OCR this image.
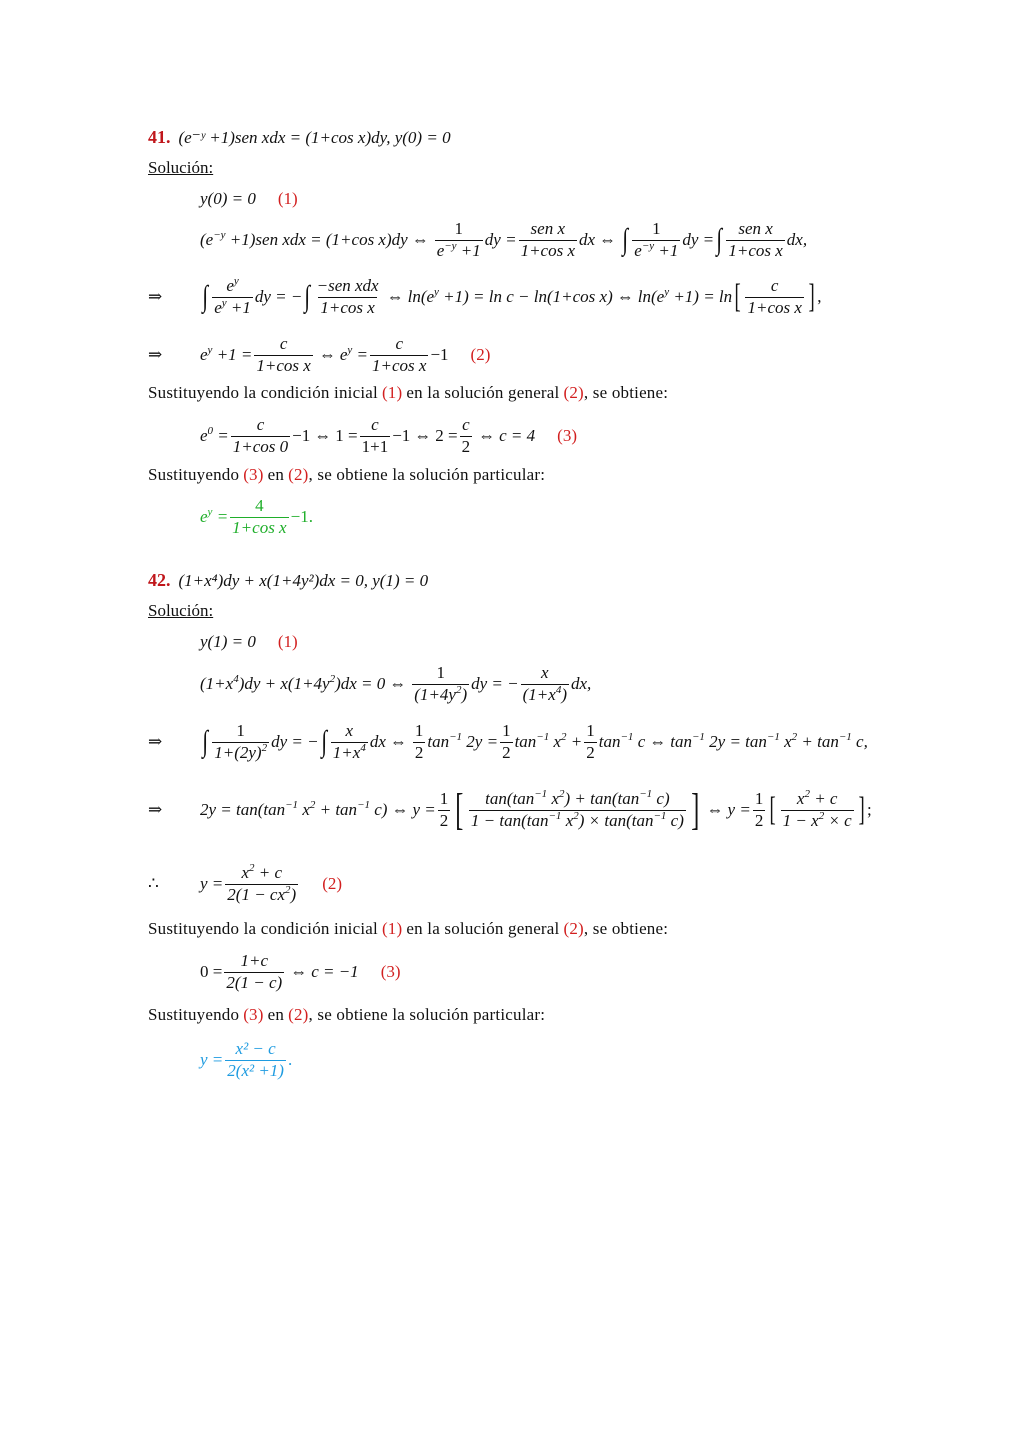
41. (e⁻ʸ +1)sen xdx = (1+cos x)dy, y(0) = 0
Solución:
y(0) = 0 (1)
$(e^{-y} +1)sen$ xdx = (1+cos x)dy ⇔ $\frac{1}{e^{-y} +1}$ dy = $\frac{\text{sen x}}{\text{1+cos x}}$ dx ⇔ ∫ $\frac{1}{e^{-y} +1}$ dy = ∫ $\frac{\text{sen x}}{\text{1+cos x}}$ dx,
⇒	∫ $\frac{e^y}{e^y +1}$ dy = − ∫ $\frac{\text{−sen xdx}}{\text{1+cos x}}$ ⇔ $\ln(e^y +1) = \ln c - \ln(1+\cos$ x) ⇔ $\ln(e^y +1) = \ln$ [ $\frac{c}{\text{1+cos x}}$ ] ,
⇒	$e^y +1 = \frac{c}{\text{1+cos x}}$ ⇔ $e^y = \frac{c}{\text{1+cos x}} -1$ (2)
Sustituyendo la condición inicial (1) en la solución general (2) , se obtiene:
$e^0 = \frac{c}{1+\cos 0} -1$ ⇔ $1 = \frac{c}{1+1} -1$ ⇔ $2 = \frac{c}{2}$ ⇔ c = 4 (3)
Sustituyendo (3) en (2) , se obtiene la solución particular:
$e^y = \frac{4}{\text{1+cos x}} -1$.
42. (1+x⁴)dy + x(1+4y²)dx = 0, y(1) = 0
Solución:
y(1) = 0 (1)
$(1+x^4)dy + x(1+4y^2)dx = 0$ ⇔ $\frac{1}{(1+4y^2)}$ dy = − $\frac{x}{(1+x^4)}$ dx,
⇒	∫ $\frac{1}{1+(2y)^2}$ dy = − ∫ $\frac{x}{1+x^4}$ dx ⇔ $\frac{1}{2} \tan^{-1} 2y = \frac{1}{2} \tan^{-1} x^2 + \frac{1}{2} \tan^{-1} c$ ⇔ $\tan^{-1} 2y = \tan^{-1} x^2 + \tan^{-1} c$,
⇒	$2y = \tan(\tan^{-1}$ $x^2 + \tan^{-1} c$) ⇔ $y = \frac{1}{2}$ [ $\frac{\tan(\tan^{-1} x^2) + \tan(\tan^{-1} c)}{1 - \tan(\tan^{-1} x^2) \times \tan(\tan^{-1} c)}$ ] ⇔ $y = \frac{1}{2}$ [ $\frac{x^2 + c}{1 - x^2 \times c}$ ] ;
∴	$y = \frac{x^2 + c}{2(1 - cx^2)} (2)$
Sustituyendo la condición inicial (1) en la solución general (2) , se obtiene:
$0 = \frac{1+c}{2(1 - c)}$ ⇔ c = −1 (3)
Sustituyendo (3) en (2) , se obtiene la solución particular:
$y = \frac{\text{x² − c}}{\text{2(x² +1)}}$ .
